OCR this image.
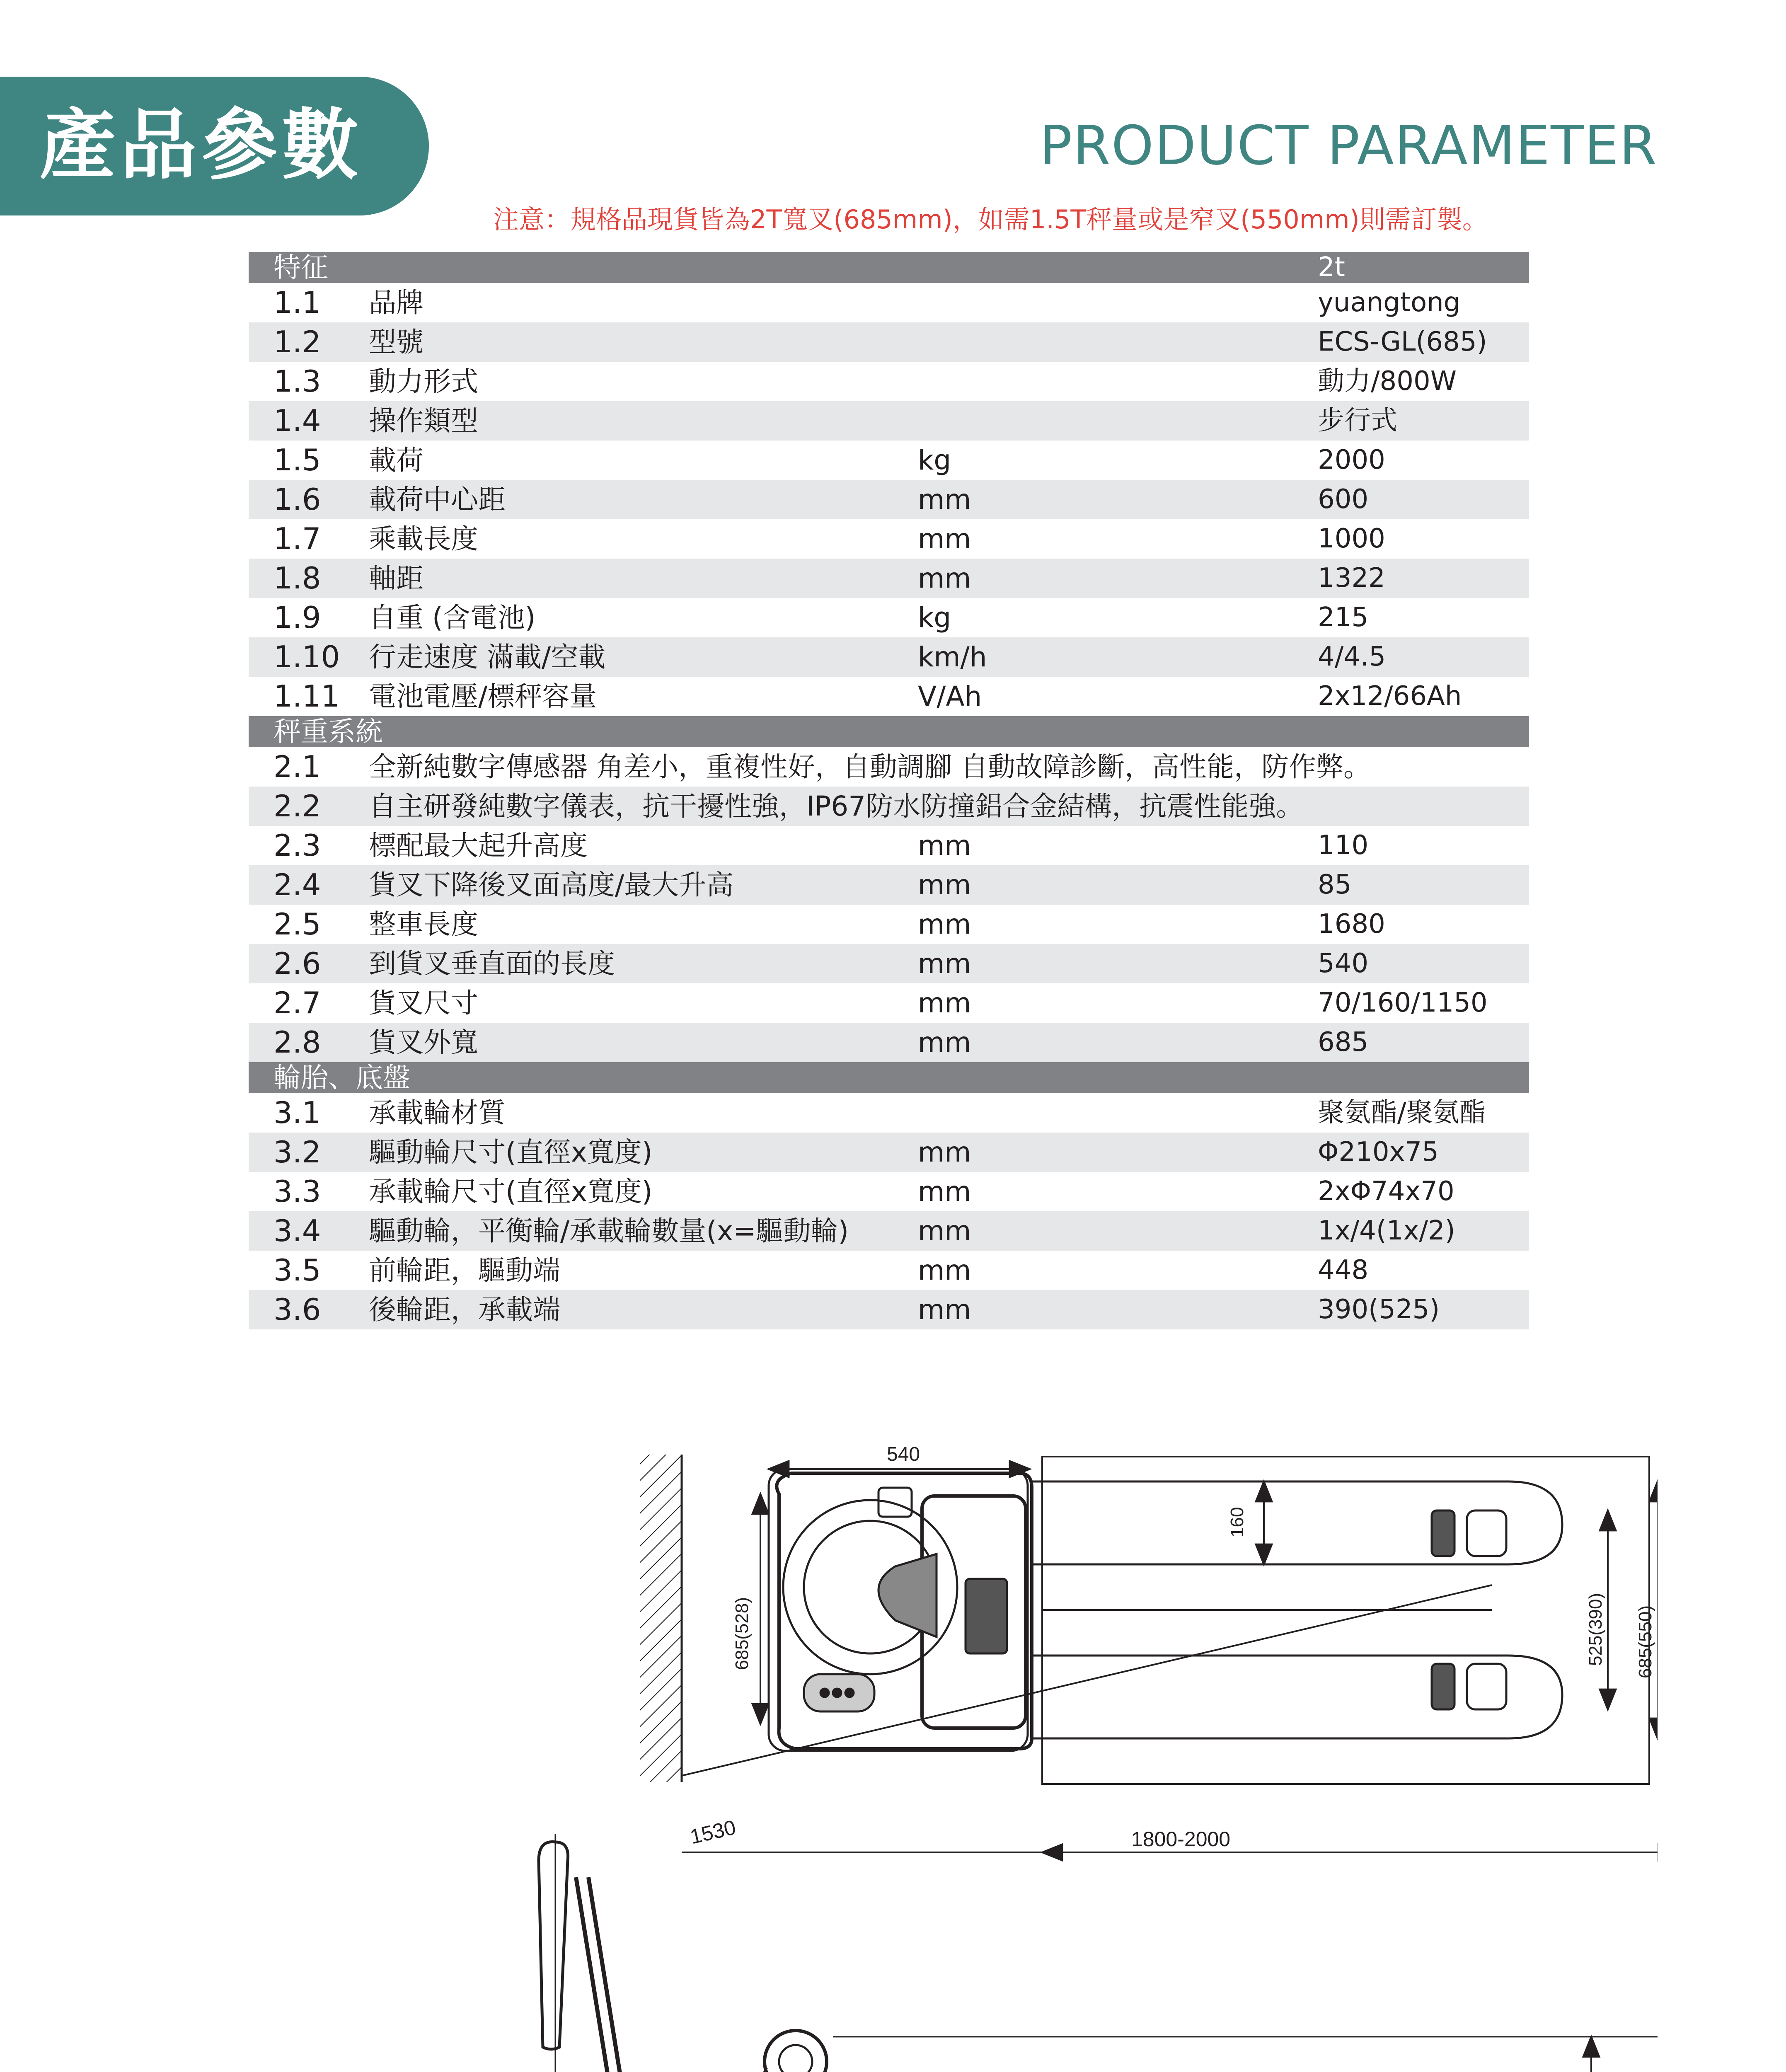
產品參數	PRODUCT PARAMETER
注意：規格品現貨皆為2T寬叉(685mm)，如需1.5T秤量或是窄叉(550mm)則需訂製。
特征	2t
1.1 品牌	yuangtong
1.2 型號	ECS-GL(685)
1.3 動力形式	動力/800W
1.4 操作類型	步行式
1.5 載荷	kg	2000
1.6 載荷中心距	mm	600
1.7 乘載長度	mm	1000
1.8 軸距	mm	1322
1.9 自重 (含電池)	kg	215
1.10 行走速度 滿載/空載	km/h	4/4.5
1.11 電池電壓/標秤容量	V/Ah	2x12/66Ah
秤重系統
2.1 全新純數字傳感器 角差小，重複性好，自動調腳 自動故障診斷，高性能，防作弊。
2.2 自主研發純數字儀表，抗干擾性強，IP67防水防撞鋁合金結構，抗震性能強。
2.3 標配最大起升高度	mm	110
2.4 貨叉下降後叉面高度/最大升高	mm	85
2.5 整車長度	mm	1680
2.6 到貨叉垂直面的長度	mm	540
2.7 貨叉尺寸	mm	70/160/1150
2.8 貨叉外寬	mm	685
輪胎、底盤
3.1 承載輪材質	聚氨酯/聚氨酯
3.2 驅動輪尺寸(直徑x寬度)	mm	Φ210x75
3.3 承載輪尺寸(直徑x寬度)	mm	2xΦ74x70
3.4 驅動輪，平衡輪/承載輪數量(x=驅動輪)	mm	1x/4(1x/2)
3.5 前輪距，驅動端	mm	448
3.6 後輪距，承載端	mm	390(525)
540
160
685(528)	525(390) 685(550)
1530	1800-2000
